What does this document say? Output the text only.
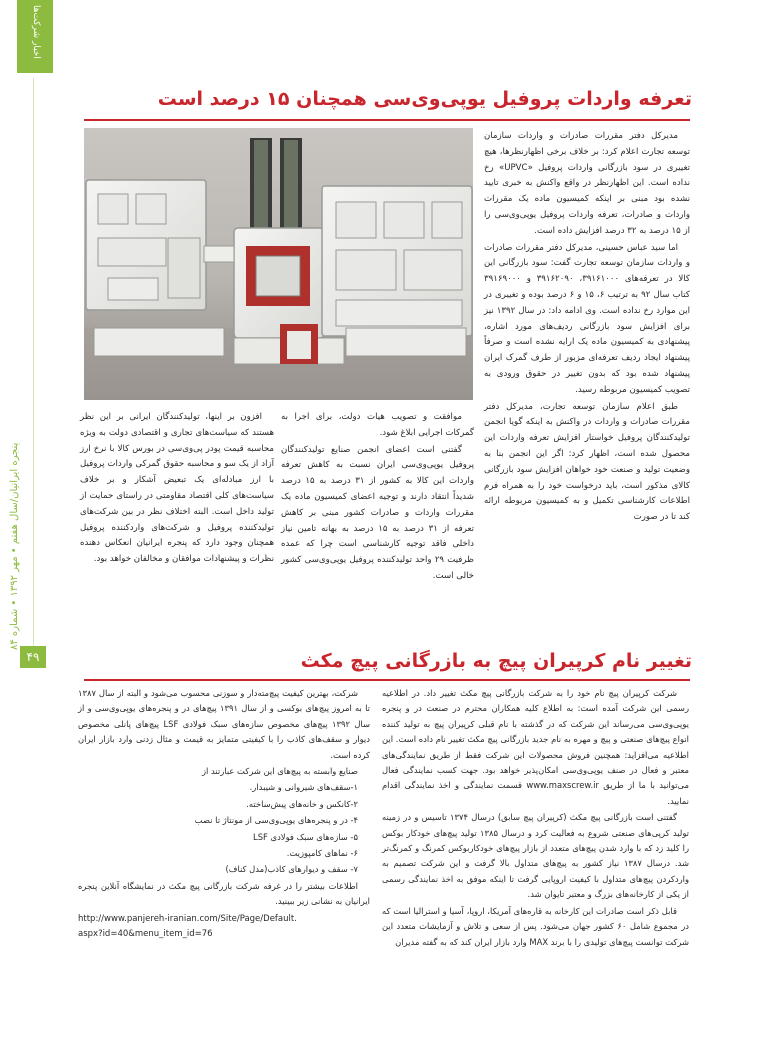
اخبار شرکت‌ها
پنجره ایرانیان/سال هفتم • مهر ۱۳۹۲ • شماره ۸۴
۴۹
تعرفه واردات پروفیل یوپی‌وی‌سی همچنان ۱۵ درصد است

مدیرکل دفتر مقررات صادرات و واردات سازمان توسعه تجارت اعلام کرد: بر خلاف برخی اظهارنظرها، هیچ تغییری در سود بازرگانی واردات پروفیل «UPVC» رخ نداده است. این اظهارنظر در واقع واکنش به خبری تایید نشده بود مبنی بر اینکه کمیسیون ماده یک مقررات واردات و صادرات، تعرفه واردات پروفیل یوپی‌وی‌سی را از ۱۵ درصد به ۳۲ درصد افزایش داده است.

اما سید عباس حسینی، مدیرکل دفتر مقررات صادرات و واردات سازمان توسعه تجارت گفت: سود بازرگانی این کالا در تعرفه‌های ۳۹۱۶۱۰۰۰، ۳۹۱۶۲۰۹۰ و ۳۹۱۶۹۰۰۰ کتاب سال ۹۲ به ترتیب ۶، ۱۵ و ۶ درصد بوده و تغییری در این موارد رخ نداده است. وی ادامه داد: در سال ۱۳۹۲ نیز برای افزایش سود بازرگانی ردیف‌های مورد اشاره، پیشنهادی به کمیسیون ماده یک ارایه نشده است و صرفاً پیشنهاد ایجاد ردیف تعرفه‌ای مزبور از طرف گمرک ایران پیشنهاد شده بود که بدون تغییر در حقوق ورودی به تصویب کمیسیون مربوطه رسید.

طبق اعلام سازمان توسعه تجارت، مدیرکل دفتر مقررات صادرات و واردات در واکنش به اینکه گویا انجمن تولیدکنندگان پروفیل خواستار افزایش تعرفه واردات این محصول شده است، اظهار کرد: اگر این انجمن بنا به وضعیت تولید و صنعت خود خواهان افزایش سود بازرگانی کالای مذکور است، باید درخواست خود را به همراه فرم اطلاعات کارشناسی تکمیل و به کمیسیون مربوطه ارائه کند تا در صورت

موافقت و تصویب هیات دولت، برای اجرا به گمرکات اجرایی ابلاغ شود.

گفتنی است اعضای انجمن صنایع تولیدکنندگان پروفیل یوپی‌وی‌سی ایران نسبت به کاهش تعرفه واردات این کالا به کشور از ۳۱ درصد به ۱۵ درصد شدیداً انتقاد دارند و توجیه اعضای کمیسیون ماده یک مقررات واردات و صادرات کشور مبنی بر کاهش تعرفه از ۳۱ درصد به ۱۵ درصد به بهانه تامین نیاز داخلی فاقد توجیه کارشناسی است چرا که عمده ظرفیت ۲۹ واحد تولیدکننده پروفیل یوپی‌وی‌سی کشور خالی است.

افزون بر اینها، تولیدکنندگان ایرانی بر این نظر هستند که سیاست‌های تجاری و اقتصادی دولت به ویژه محاسبه قیمت پودر پی‌وی‌سی در بورس کالا با نرخ ارز آزاد از یک سو و محاسبه حقوق گمرکی واردات پروفیل با ارز مبادله‌ای یک تبعیض آشکار و بر خلاف سیاست‌های کلی اقتصاد مقاومتی در راستای حمایت از تولید داخل است. البته اختلاف نظر در بین شرکت‌های تولیدکننده پروفیل و شرکت‌های واردکننده پروفیل همچنان وجود دارد که پنجره ایرانیان انعکاس دهنده نظرات و پیشنهادات موافقان و مخالفان خواهد بود.

تغییر نام کرپیران پیچ به بازرگانی پیچ مکث

شرکت کرپیران پیچ نام خود را به شرکت بازرگانی پیچ مکث تغییر داد. در اطلاعیه رسمی این شرکت آمده است: به اطلاع کلیه همکاران محترم در صنعت در و پنجره یوپی‌وی‌سی می‌رساند این شرکت که در گذشته با نام قبلی کرپیران پیچ به تولید کننده انواع پیچ‌های صنعتی و پیچ و مهره به نام جدید بازرگانی پیچ مکث تغییر نام داده است. این اطلاعیه می‌افزاید: همچنین فروش محصولات این شرکت فقط از طریق نمایندگی‌های معتبر و فعال در صنف یوپی‌وی‌سی امکان‌پذیر خواهد بود. جهت کسب نمایندگی فعال می‌توانید با ما از طریق www.maxscrew.ir قسمت نمایندگی و اخذ نمایندگی اقدام نمایید.

گفتنی است بازرگانی پیچ مکث (کرپیران پیچ سابق) درسال ۱۳۷۴ تاسیس و در زمینه تولید کرپی‌های صنعتی شروع به فعالیت کرد و درسال ۱۳۸۵ تولید پیچ‌های خودکار بوکس را کلید زد که با وارد شدن پیچ‌های متعدد از بازار پیچ‌های خودکاربوکس کمرنگ و کمرنگ‌تر شد. درسال ۱۳۸۷ نیاز کشور به پیچ‌های متداول بالا گرفت و این شرکت تصمیم به واردکردن پیچ‌های متداول با کیفیت اروپایی گرفت تا اینکه موفق به اخذ نمایندگی رسمی از یکی از کارخانه‌های بزرگ و معتبر تایوان شد.

قابل ذکر است صادرات این کارخانه به قاره‌های آمریکا، اروپا، آسیا و استرالیا است که در مجموع شامل ۶۰ کشور جهان می‌شود. پس از سعی و تلاش و آزمایشات متعدد این شرکت توانست پیچ‌های تولیدی را با برند MAX وارد بازار ایران کند که به گفته مدیران

شرکت، بهترین کیفیت پیچ‌مته‌دار و سوزنی محسوب می‌شود و البته از سال ۱۳۸۷ تا به امروز پیچ‌های بوکسی و از سال ۱۳۹۱ پیچ‌های در و پنجره‌های یوپی‌وی‌سی و از سال ۱۳۹۲ پیچ‌های مخصوص سازه‌های سبک فولادی LSF پیچ‌های پانلی مخصوص دیوار و سقف‌های کاذب را با کیفیتی متمایز به قیمت و مثال زدنی وارد بازار ایران کرده است.

صنایع وابسته به پیچ‌های این شرکت عبارتند از

۱-سقف‌های شیروانی و شیبدار.

۲-کانکس و خانه‌های پیش‌ساخته.

۴- در و پنجره‌های یوپی‌وی‌سی از مونتاژ تا نصب

۵- سازه‌های سبک فولادی LSF

۶- نماهای کامپوزیت.

۷- سقف و دیوارهای کاذب(مدل کناف)

اطلاعات بیشتر را در غرفه شرکت بازرگانی پیچ مکث در نمایشگاه آنلاین پنجره ایرانیان به نشانی زیر ببینید.

http://www.panjereh-iranian.com/Site/Page/Default.
aspx?id=40&menu_item_id=76
